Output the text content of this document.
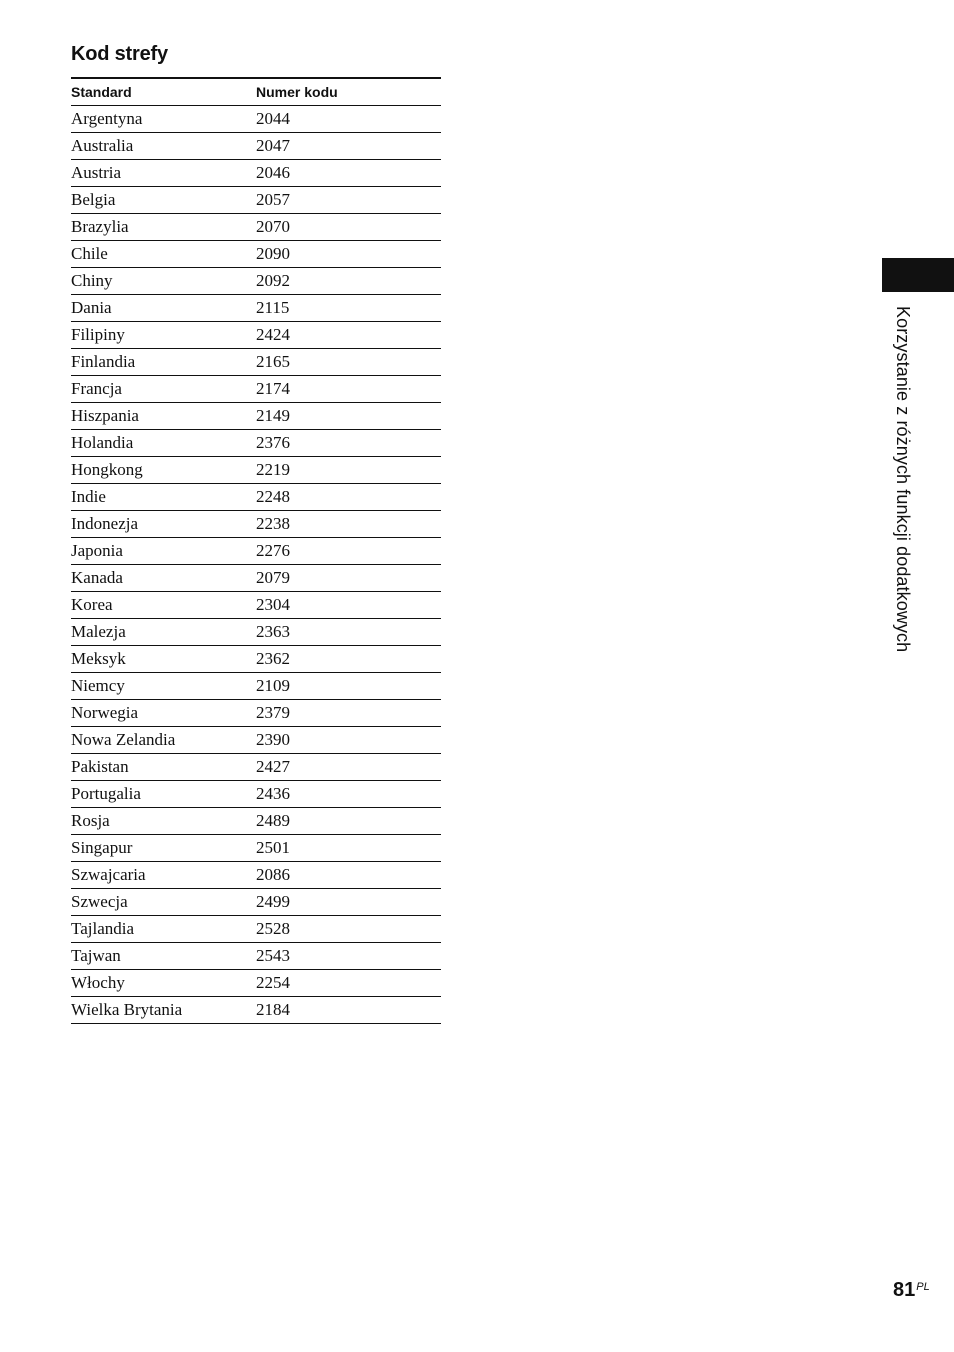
Kod strefy
Standard	Numer kodu
Argentyna	2044
Australia	2047
Austria	2046
Belgia	2057
Brazylia	2070
Chile	2090
Chiny	2092
Dania	2115
Filipiny	2424
Finlandia	2165
Francja	2174
Hiszpania	2149
Holandia	2376
Hongkong	2219
Indie	2248
Indonezja	2238
Japonia	2276
Kanada	2079
Korea	2304
Malezja	2363
Meksyk	2362
Niemcy	2109
Norwegia	2379
Nowa Zelandia	2390
Pakistan	2427
Portugalia	2436
Rosja	2489
Singapur	2501
Szwajcaria	2086
Szwecja	2499
Tajlandia	2528
Tajwan	2543
Włochy	2254
Wielka Brytania	2184
Korzystanie z różnych funkcji dodatkowych
$81^{PL}$
